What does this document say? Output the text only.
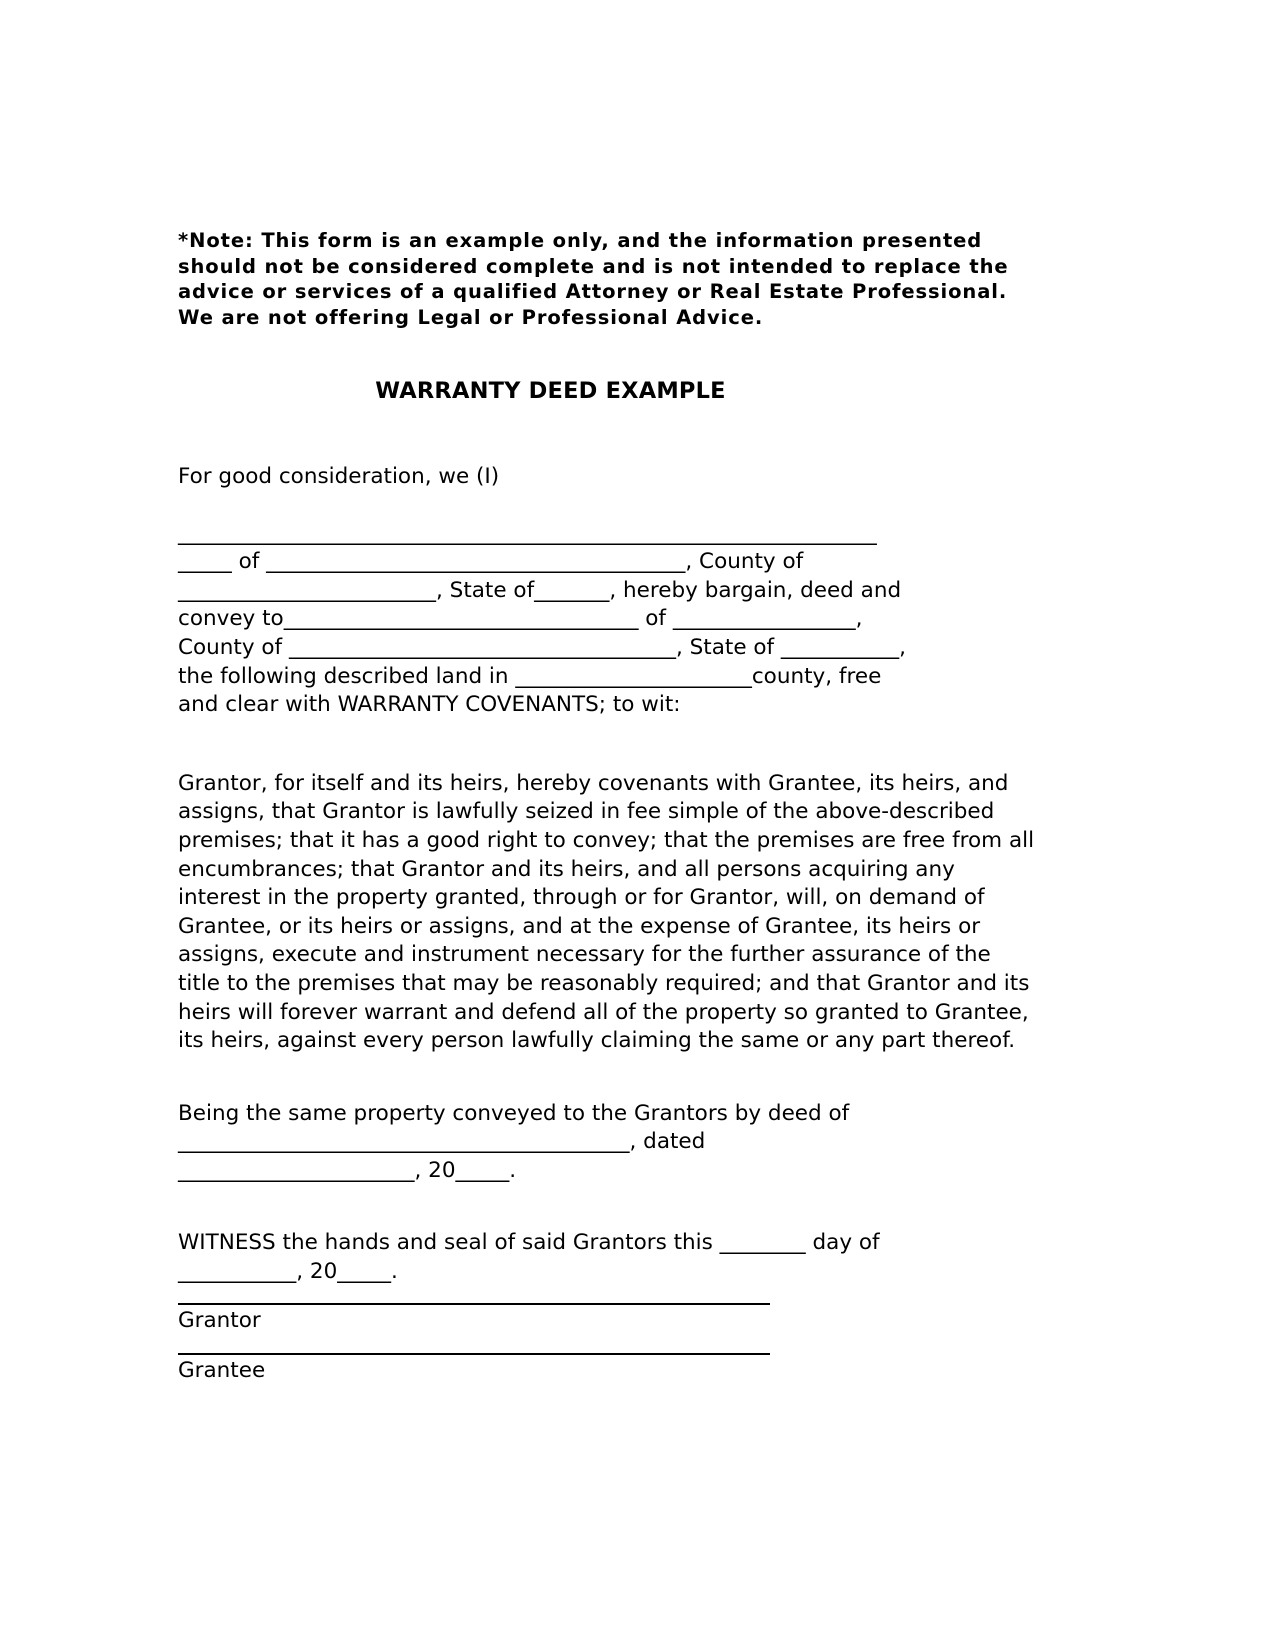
*Note: This form is an example only, and the information presented should not be considered complete and is not intended to replace the advice or services of a qualified Attorney or Real Estate Professional. We are not offering Legal or Professional Advice.
WARRANTY DEED EXAMPLE
For good consideration, we (I)
_________________________________________________________________
_____ of _______________________________________, County of
________________________, State of_______, hereby bargain, deed and
convey to_________________________________ of _________________,
County of ____________________________________, State of ___________,
the following described land in ______________________county, free
and clear with WARRANTY COVENANTS; to wit:
Grantor, for itself and its heirs, hereby covenants with Grantee, its heirs, and assigns, that Grantor is lawfully seized in fee simple of the above-described premises; that it has a good right to convey; that the premises are free from all encumbrances; that Grantor and its heirs, and all persons acquiring any interest in the property granted, through or for Grantor, will, on demand of Grantee, or its heirs or assigns, and at the expense of Grantee, its heirs or assigns, execute and instrument necessary for the further assurance of the title to the premises that may be reasonably required; and that Grantor and its heirs will forever warrant and defend all of the property so granted to Grantee, its heirs, against every person lawfully claiming the same or any part thereof.
Being the same property conveyed to the Grantors by deed of
__________________________________________, dated
______________________, 20_____.
WITNESS the hands and seal of said Grantors this ________ day of
___________, 20_____.
Grantor
Grantee
